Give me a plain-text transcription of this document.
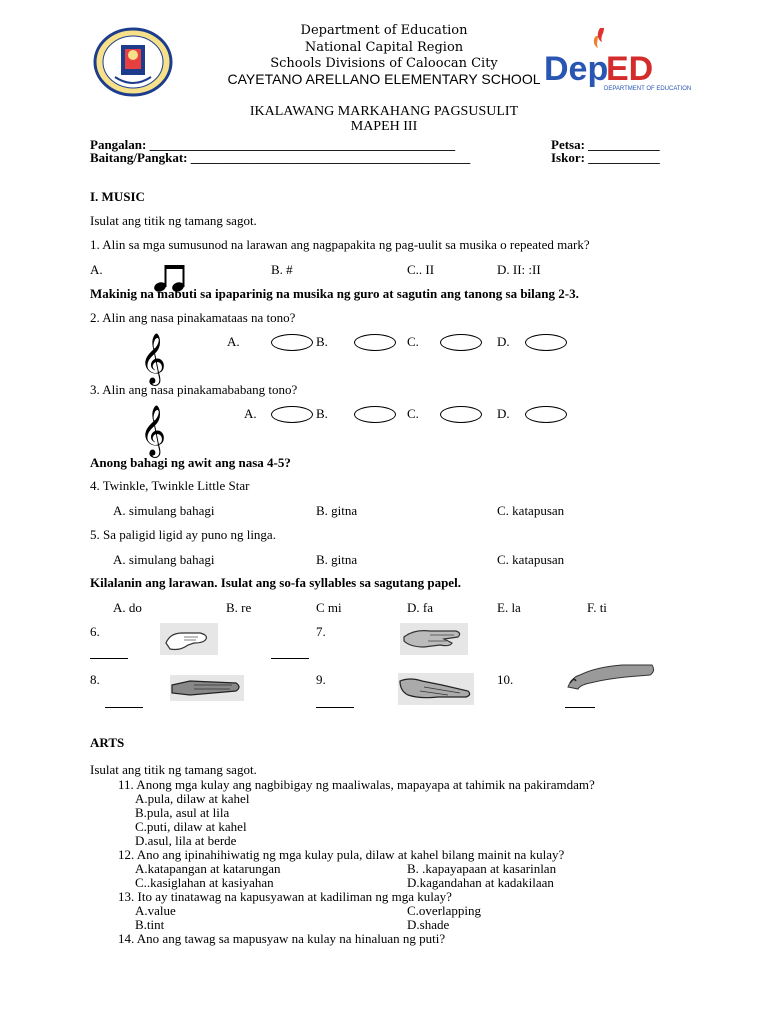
Dep
ED
DEPARTMENT OF EDUCATION
Department of Education
National Capital Region
Schools Divisions of Caloocan City
CAYETANO ARELLANO ELEMENTARY SCHOOL
IKALAWANG MARKAHANG PAGSUSULIT
MAPEH III
Pangalan: _______________________________________________	Petsa: ___________
Baitang/Pangkat: ___________________________________________	Iskor: ___________
I. MUSIC
Isulat ang titik ng tamang sagot.
1. Alin sa mga sumusunod na larawan ang nagpapakita ng pag-uulit sa musika o repeated mark?
A.	B. #	C.. II	D. II: :II
Makinig na mabuti sa ipaparinig na musika ng guro at sagutin ang tanong sa bilang 2-3.
2. Alin ang nasa pinakamataas na tono?
𝄞	A.	B.	C.	D.
3. Alin ang nasa pinakamababang tono?
𝄞	A.	B.	C.	D.
Anong bahagi ng awit ang nasa 4-5?
4. Twinkle, Twinkle Little Star
A. simulang bahagi	B. gitna	C. katapusan
5. Sa paligid ligid ay puno ng linga.
A. simulang bahagi	B. gitna	C. katapusan
Kilalanin ang larawan. Isulat ang so-fa syllables sa sagutang papel.
A. do	B. re	C mi	D. fa	E. la	F. ti
6.	7.
8.	9.	10.
ARTS
Isulat ang titik ng tamang sagot.
11. Anong mga kulay ang nagbibigay ng maaliwalas, mapayapa at tahimik na pakiramdam?
A.pula, dilaw at kahel
B.pula, asul at lila
C.puti, dilaw at kahel
D.asul, lila at berde
12. Ano ang ipinahihiwatig ng mga kulay pula, dilaw at kahel bilang mainit na kulay?
A.katapangan at katarungan	B. .kapayapaan at kasarinlan
C..kasiglahan at kasiyahan	D.kagandahan at kadakilaan
13. Ito ay tinatawag na kapusyawan at kadiliman ng mga kulay?
A.value	C.overlapping
B.tint	D.shade
14. Ano ang tawag sa mapusyaw na kulay na hinaluan ng puti?
